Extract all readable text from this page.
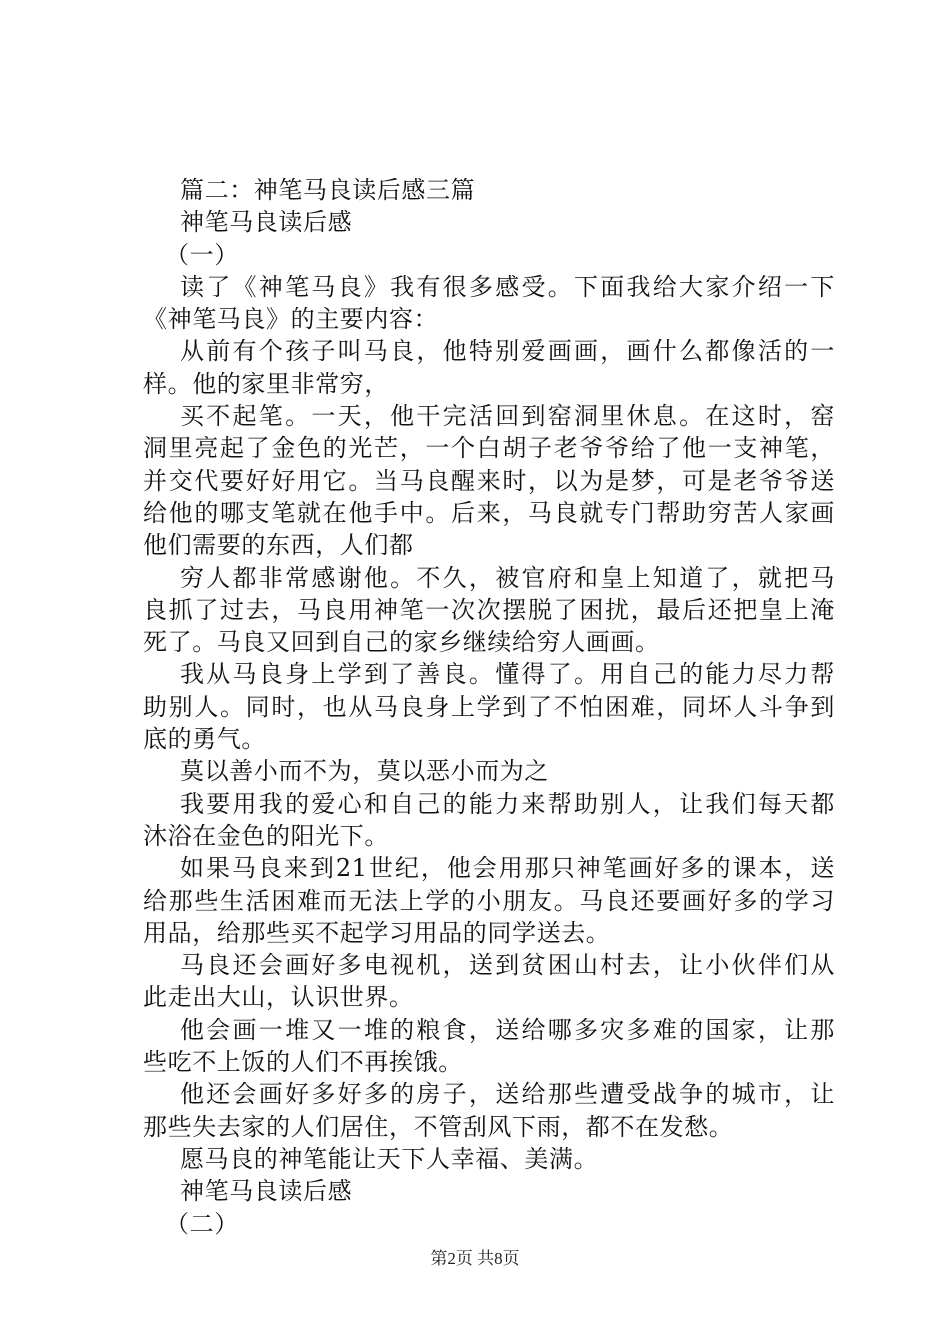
篇二：神笔马良读后感三篇
神笔马良读后感
（一）
读了《神笔马良》我有很多感受。下面我给大家介绍一下
《神笔马良》的主要内容：
从前有个孩子叫马良，他特别爱画画，画什么都像活的一
样。他的家里非常穷，
买不起笔。一天，他干完活回到窑洞里休息。在这时，窑
洞里亮起了金色的光芒，一个白胡子老爷爷给了他一支神笔，
并交代要好好用它。当马良醒来时，以为是梦，可是老爷爷送
给他的哪支笔就在他手中。后来，马良就专门帮助穷苦人家画
他们需要的东西，人们都
穷人都非常感谢他。不久，被官府和皇上知道了，就把马
良抓了过去，马良用神笔一次次摆脱了困扰，最后还把皇上淹
死了。马良又回到自己的家乡继续给穷人画画。
我从马良身上学到了善良。懂得了。用自己的能力尽力帮
助别人。同时，也从马良身上学到了不怕困难，同坏人斗争到
底的勇气。
莫以善小而不为，莫以恶小而为之
我要用我的爱心和自己的能力来帮助别人，让我们每天都
沐浴在金色的阳光下。
如果马良来到21世纪，他会用那只神笔画好多的课本，送
给那些生活困难而无法上学的小朋友。马良还要画好多的学习
用品，给那些买不起学习用品的同学送去。
马良还会画好多电视机，送到贫困山村去，让小伙伴们从
此走出大山，认识世界。
他会画一堆又一堆的粮食，送给哪多灾多难的国家，让那
些吃不上饭的人们不再挨饿。
他还会画好多好多的房子，送给那些遭受战争的城市，让
那些失去家的人们居住，不管刮风下雨，都不在发愁。
愿马良的神笔能让天下人幸福、美满。
神笔马良读后感
（二）
第2页 共8页
